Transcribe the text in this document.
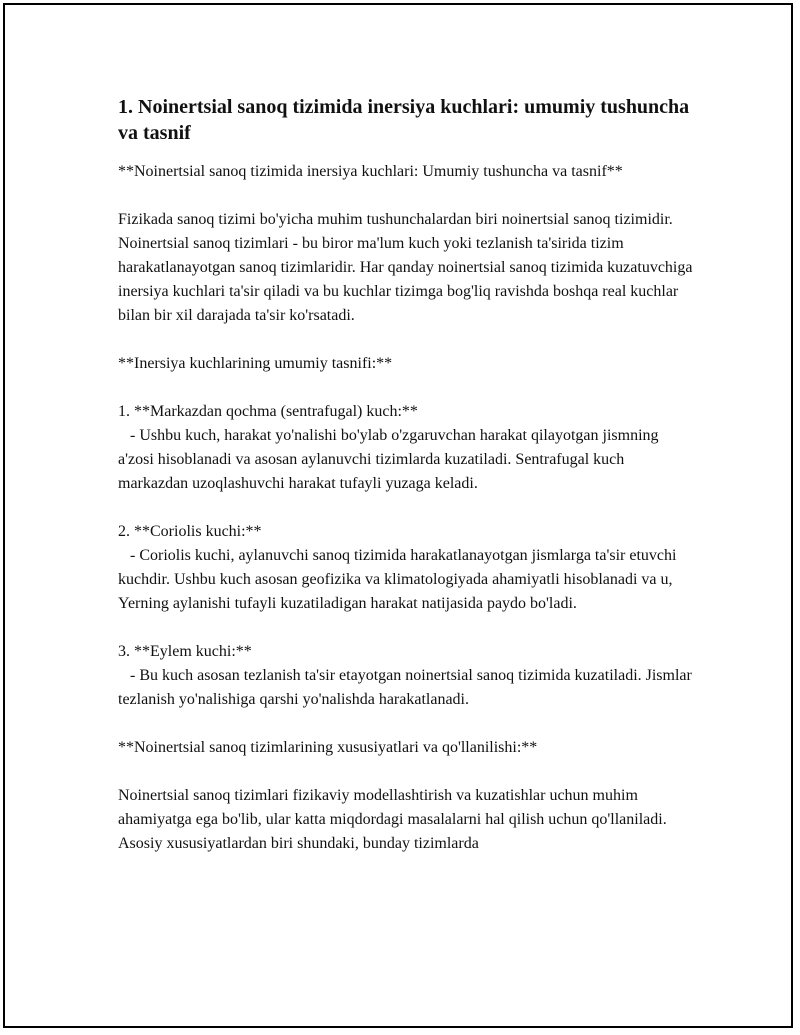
1. Noinertsial sanoq tizimida inersiya kuchlari: umumiy tushuncha va tasnif

**Noinertsial sanoq tizimida inersiya kuchlari: Umumiy tushuncha va tasnif**

Fizikada sanoq tizimi bo'yicha muhim tushunchalardan biri noinertsial sanoq tizimidir. Noinertsial sanoq tizimlari - bu biror ma'lum kuch yoki tezlanish ta'sirida tizim harakatlanayotgan sanoq tizimlaridir. Har qanday noinertsial sanoq tizimida kuzatuvchiga inersiya kuchlari ta'sir qiladi va bu kuchlar tizimga bog'liq ravishda boshqa real kuchlar bilan bir xil darajada ta'sir ko'rsatadi.

**Inersiya kuchlarining umumiy tasnifi:**

1. **Markazdan qochma (sentrafugal) kuch:**
- Ushbu kuch, harakat yo'nalishi bo'ylab o'zgaruvchan harakat qilayotgan jismning a'zosi hisoblanadi va asosan aylanuvchi tizimlarda kuzatiladi. Sentrafugal kuch markazdan uzoqlashuvchi harakat tufayli yuzaga keladi.

2. **Coriolis kuchi:**
- Coriolis kuchi, aylanuvchi sanoq tizimida harakatlanayotgan jismlarga ta'sir etuvchi kuchdir. Ushbu kuch asosan geofizika va klimatologiyada ahamiyatli hisoblanadi va u, Yerning aylanishi tufayli kuzatiladigan harakat natijasida paydo bo'ladi.

3. **Eylem kuchi:**
- Bu kuch asosan tezlanish ta'sir etayotgan noinertsial sanoq tizimida kuzatiladi. Jismlar tezlanish yo'nalishiga qarshi yo'nalishda harakatlanadi.

**Noinertsial sanoq tizimlarining xususiyatlari va qo'llanilishi:**

Noinertsial sanoq tizimlari fizikaviy modellashtirish va kuzatishlar uchun muhim ahamiyatga ega bo'lib, ular katta miqdordagi masalalarni hal qilish uchun qo'llaniladi. Asosiy xususiyatlardan biri shundaki, bunday tizimlarda
